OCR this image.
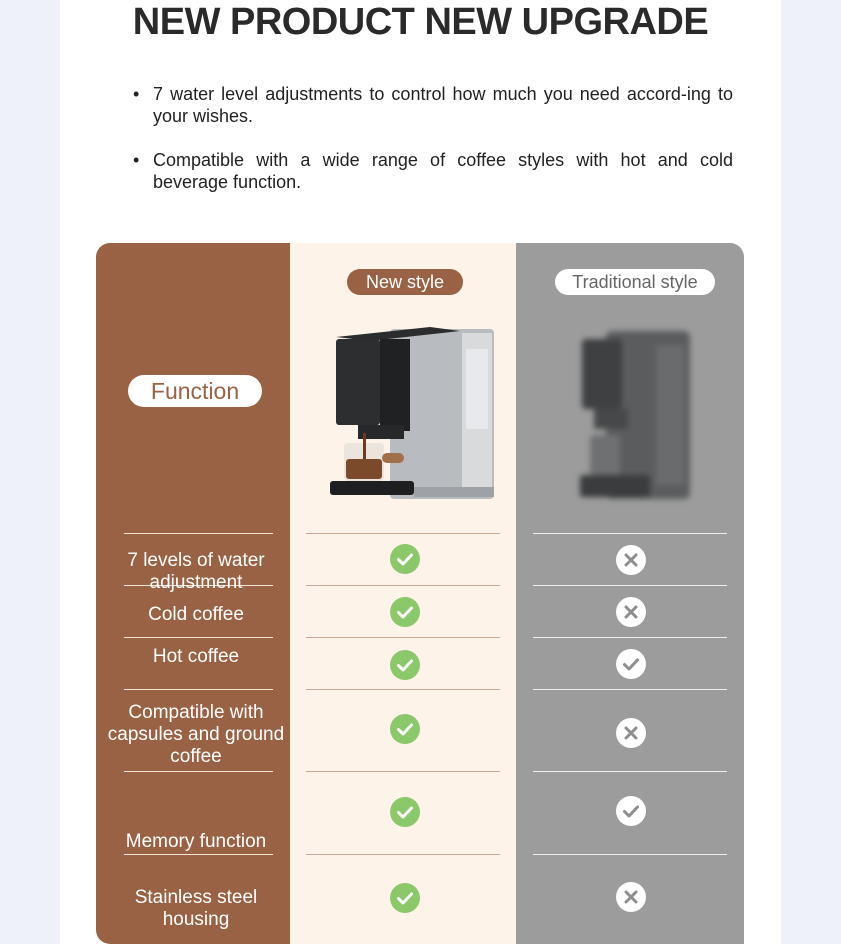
NEW PRODUCT NEW UPGRADE
• 7 water level adjustments to control how much you need accord-ing to your wishes.
• Compatible with a wide range of coffee styles with hot and cold beverage function.
Function
7 levels of water adjustment
Cold coffee
Hot coffee
Compatible with capsules and ground coffee
Memory function
Stainless steel housing
New style	Traditional style
